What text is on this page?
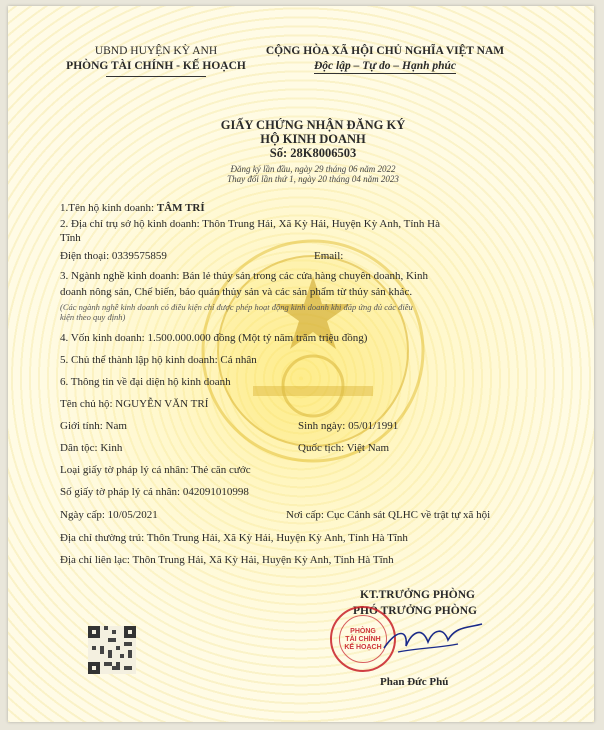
UBND HUYỆN KỲ ANH
PHÒNG TÀI CHÍNH - KẾ HOẠCH
CỘNG HÒA XÃ HỘI CHỦ NGHĨA VIỆT NAM
Độc lập – Tự do – Hạnh phúc
GIẤY CHỨNG NHẬN ĐĂNG KÝ
HỘ KINH DOANH
Số: 28K8006503
Đăng ký lần đầu, ngày 29 tháng 06 năm 2022
Thay đổi lần thứ 1, ngày 20 tháng 04 năm 2023
1.Tên hộ kinh doanh: TÂM TRÍ
2. Địa chỉ trụ sở hộ kinh doanh: Thôn Trung Hải, Xã Kỳ Hải, Huyện Kỳ Anh, Tỉnh Hà
Tĩnh
Điện thoại: 0339575859	Email:
3. Ngành nghề kinh doanh: Bán lẻ thủy sản trong các cửa hàng chuyên doanh, Kinh
doanh nông sản, Chế biến, bảo quản thủy sản và các sản phẩm từ thủy sản khác.
(Các ngành nghề kinh doanh có điều kiện chỉ được phép hoạt động kinh doanh khi đáp ứng đủ các điều
kiện theo quy định)
4. Vốn kinh doanh: 1.500.000.000 đồng (Một tỷ năm trăm triệu đồng)
5. Chủ thể thành lập hộ kinh doanh: Cá nhân
6. Thông tin về đại diện hộ kinh doanh
Tên chủ hộ: NGUYỄN VĂN TRÍ
Giới tính: Nam	Sinh ngày: 05/01/1991
Dân tộc: Kinh	Quốc tịch: Việt Nam
Loại giấy tờ pháp lý cá nhân: Thẻ căn cước
Số giấy tờ pháp lý cá nhân: 042091010998
Ngày cấp: 10/05/2021	Nơi cấp: Cục Cảnh sát QLHC về trật tự xã hội
Địa chỉ thường trú: Thôn Trung Hải, Xã Kỳ Hải, Huyện Kỳ Anh, Tỉnh Hà Tĩnh
Địa chỉ liên lạc: Thôn Trung Hải, Xã Kỳ Hải, Huyện Kỳ Anh, Tỉnh Hà Tĩnh
KT.TRƯỞNG PHÒNG
PHÓ TRƯỞNG PHÒNG
PHÒNG
TÀI CHÍNH
KẾ HOẠCH
Phan Đức Phú
